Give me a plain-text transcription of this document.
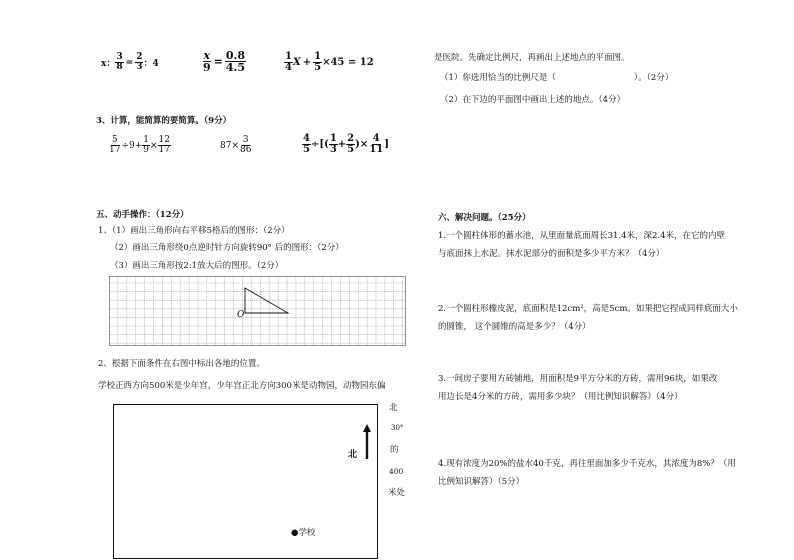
x： $\frac{3}{8} = \frac{2}{3}$ ：4	$\frac{x}{9} = \frac{0.8}{4.5}$	$\frac{1}{4}$ $X + \frac{1}{5} \times 45 = 12$
3、计算，能简算的要简算。（9分）
$\frac{5}{17} \div 9+ \frac{1}{9} \times \frac{12}{17}$	$87\times \frac{3}{86}$	$\frac{4}{5}$ ÷[( $\frac{1}{3} + \frac{2}{5}$ )× $\frac{4}{11}$ ]
五、动手操作：（12分）
1、（1）画出三角形向右平移5格后的图形：（2分）
（2）画出三角形绕0点逆时针方向旋转90° 后的图形：（2分）
（3）画出三角形按2:1放大后的图形。（2分）
O
2、根据下面条件在右图中标出各地的位置。
学校正西方向500米是少年宫，少年宫正北方向300米是动物园，动物园东偏
北
●学校
北
30°
的
400
米处
是医院。先确定比例尺，再画出上述地点的平面图。
（1）你选用恰当的比例尺是（	）。（2分）
（2）在下边的平面图中画出上述的地点。（4分）
六、解决问题。（25分）
1.一个圆柱体形的蓄水池，从里面量底面周长31.4米，深2.4米，在它的内壁
与底面抹上水泥。抹水泥部分的面积是多少平方米？（4分）
2.一个圆柱形橡皮泥，底面积是12cm²，高是5cm。如果把它捏成同样底面大小
的圆锥， 这个圆锥的高是多少？（4分）
3.一间房子要用方砖铺地，用面积是9平方分米的方砖，需用96块，如果改
用边长是4分米的方砖，需用多少块？（用比例知识解答）（4分）
4.现有浓度为20%的盐水40千克，再往里面加多少千克水，其浓度为8%？（用
比例知识解答）（5分）
